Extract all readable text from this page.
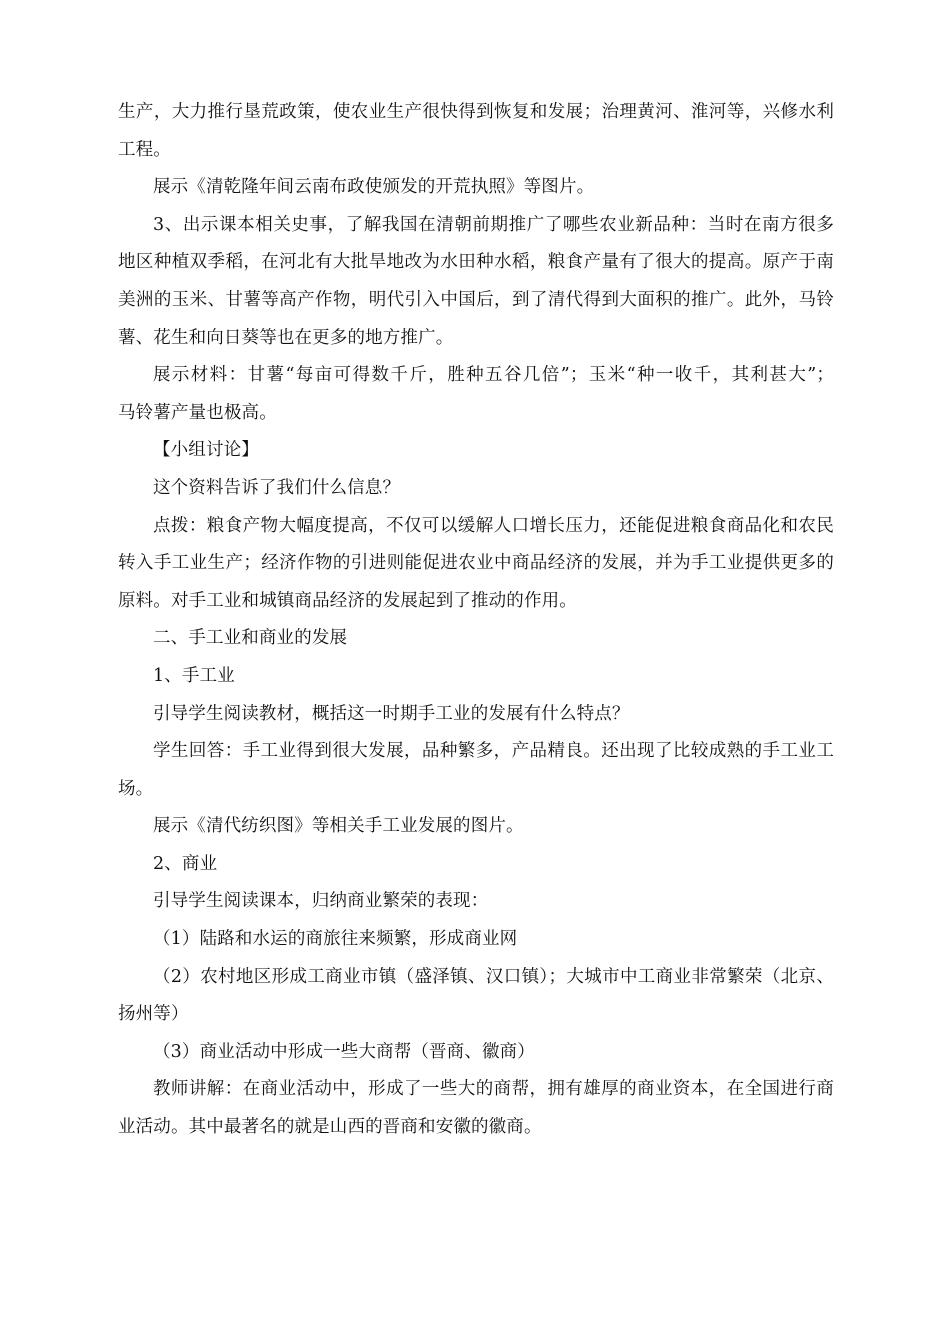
生产，大力推行垦荒政策，使农业生产很快得到恢复和发展；治理黄河、淮河等，兴修水利
工程。
展示《清乾隆年间云南布政使颁发的开荒执照》等图片。
3、出示课本相关史事，了解我国在清朝前期推广了哪些农业新品种：当时在南方很多
地区种植双季稻，在河北有大批旱地改为水田种水稻，粮食产量有了很大的提高。原产于南
美洲的玉米、甘薯等高产作物，明代引入中国后，到了清代得到大面积的推广。此外，马铃
薯、花生和向日葵等也在更多的地方推广。
展示材料：甘薯“每亩可得数千斤，胜种五谷几倍”；玉米“种一收千，其利甚大”；
马铃薯产量也极高。
【小组讨论】
这个资料告诉了我们什么信息？
点拨：粮食产物大幅度提高，不仅可以缓解人口增长压力，还能促进粮食商品化和农民
转入手工业生产；经济作物的引进则能促进农业中商品经济的发展，并为手工业提供更多的
原料。对手工业和城镇商品经济的发展起到了推动的作用。
二、手工业和商业的发展
1、手工业
引导学生阅读教材，概括这一时期手工业的发展有什么特点？
学生回答：手工业得到很大发展，品种繁多，产品精良。还出现了比较成熟的手工业工
场。
展示《清代纺织图》等相关手工业发展的图片。
2、商业
引导学生阅读课本，归纳商业繁荣的表现：
（1）陆路和水运的商旅往来频繁，形成商业网
（2）农村地区形成工商业市镇（盛泽镇、汉口镇）；大城市中工商业非常繁荣（北京、
扬州等）
（3）商业活动中形成一些大商帮（晋商、徽商）
教师讲解：在商业活动中，形成了一些大的商帮，拥有雄厚的商业资本，在全国进行商
业活动。其中最著名的就是山西的晋商和安徽的徽商。
